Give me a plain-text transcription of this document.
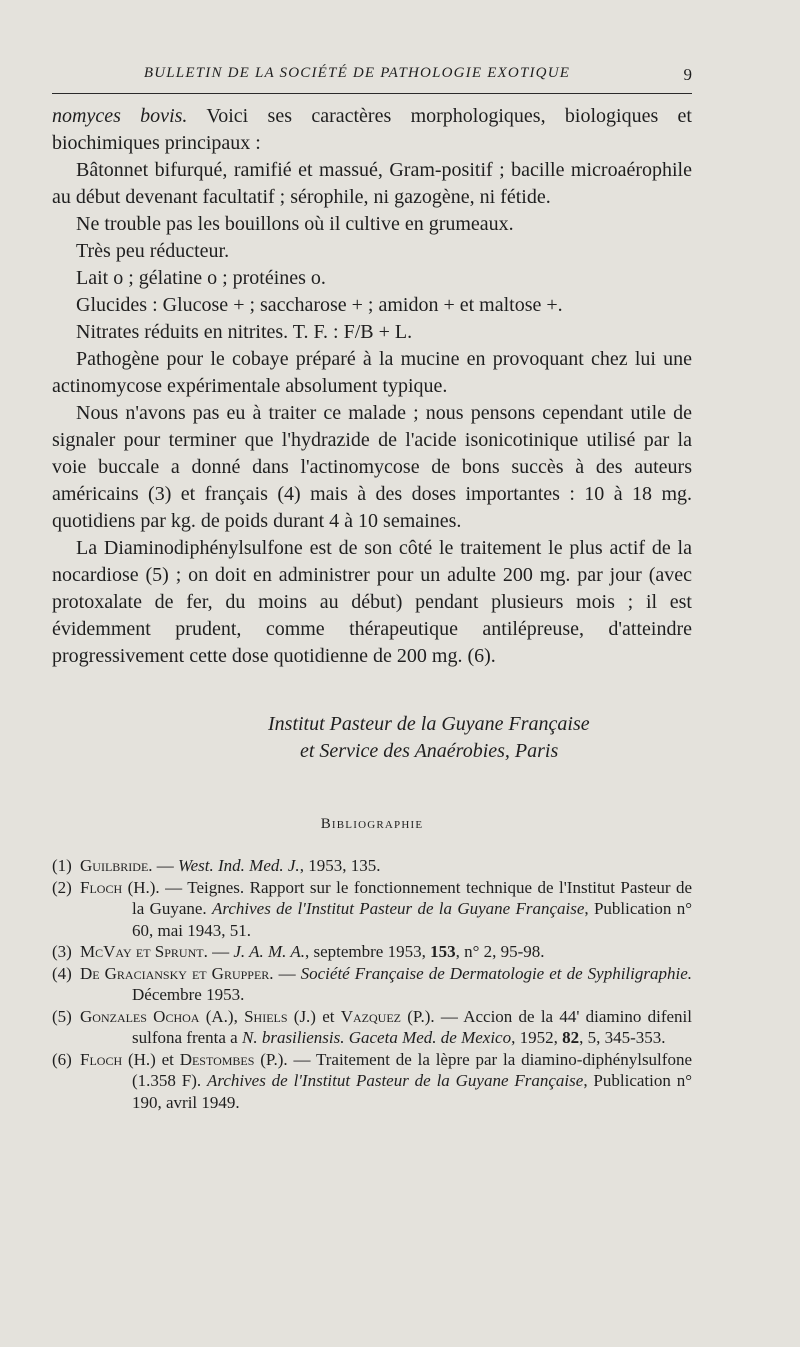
BULLETIN DE LA SOCIÉTÉ DE PATHOLOGIE EXOTIQUE	9

nomyces bovis. Voici ses caractères morphologiques, biologiques et biochimiques principaux :

Bâtonnet bifurqué, ramifié et massué, Gram-positif ; bacille microaérophile au début devenant facultatif ; sérophile, ni gazogène, ni fétide.

Ne trouble pas les bouillons où il cultive en grumeaux.

Très peu réducteur.

Lait o ; gélatine o ; protéines o.

Glucides : Glucose + ; saccharose + ; amidon + et maltose +.

Nitrates réduits en nitrites. T. F. : F/B + L.

Pathogène pour le cobaye préparé à la mucine en provoquant chez lui une actinomycose expérimentale absolument typique.

Nous n'avons pas eu à traiter ce malade ; nous pensons cependant utile de signaler pour terminer que l'hydrazide de l'acide isonicotinique utilisé par la voie buccale a donné dans l'actinomycose de bons succès à des auteurs américains (3) et français (4) mais à des doses importantes : 10 à 18 mg. quotidiens par kg. de poids durant 4 à 10 semaines.

La Diaminodiphénylsulfone est de son côté le traitement le plus actif de la nocardiose (5) ; on doit en administrer pour un adulte 200 mg. par jour (avec protoxalate de fer, du moins au début) pendant plusieurs mois ; il est évidemment prudent, comme thérapeutique antilépreuse, d'atteindre progressivement cette dose quotidienne de 200 mg. (6).

Institut Pasteur de la Guyane Française
et Service des Anaérobies, Paris
Bibliographie
(1) Guilbride. — West. Ind. Med. J., 1953, 135.
(2) Floch (H.). — Teignes. Rapport sur le fonctionnement technique de l'Institut Pasteur de la Guyane. Archives de l'Institut Pasteur de la Guyane Française, Publication n° 60, mai 1943, 51.
(3) McVay et Sprunt. — J. A. M. A., septembre 1953, 153, n° 2, 95-98.
(4) De Graciansky et Grupper. — Société Française de Dermatologie et de Syphiligraphie. Décembre 1953.
(5) Gonzales Ochoa (A.), Shiels (J.) et Vazquez (P.). — Accion de la 44' diamino difenil sulfona frenta a N. brasiliensis. Gaceta Med. de Mexico, 1952, 82, 5, 345-353.
(6) Floch (H.) et Destombes (P.). — Traitement de la lèpre par la diamino-diphénylsulfone (1.358 F). Archives de l'Institut Pasteur de la Guyane Française, Publication n° 190, avril 1949.
